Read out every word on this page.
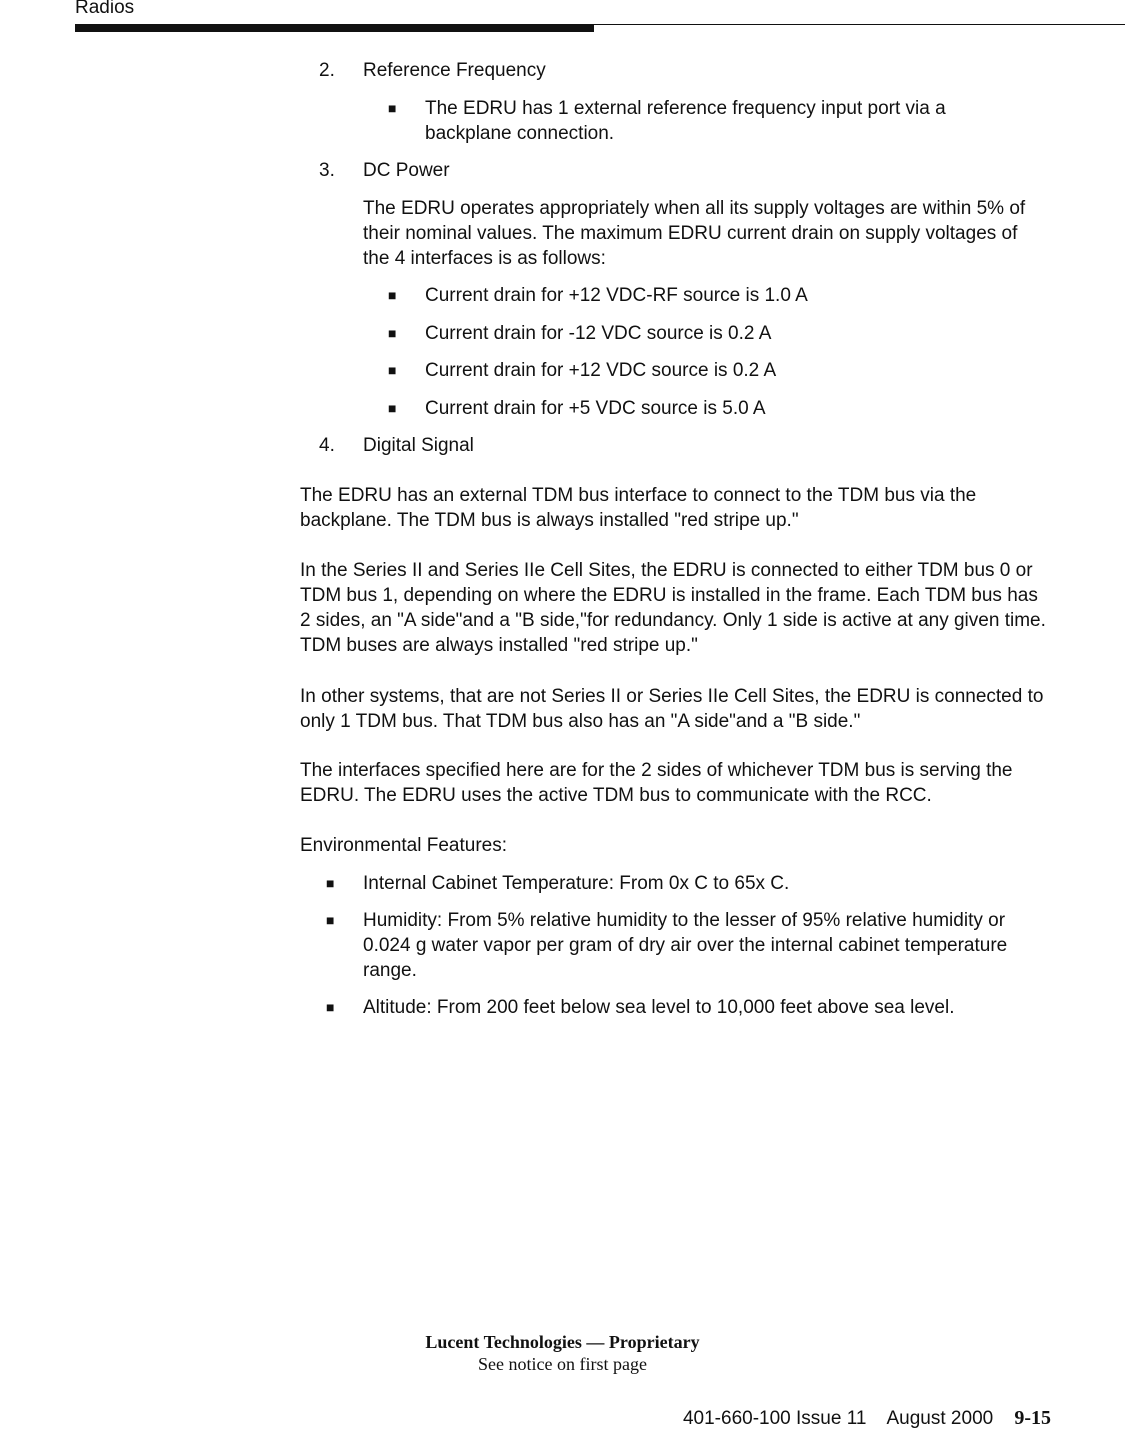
Radios
2.	Reference Frequency
■ The EDRU has 1 external reference frequency input port via a backplane connection.
3.	DC Power
The EDRU operates appropriately when all its supply voltages are within 5% of their nominal values. The maximum EDRU current drain on supply voltages of the 4 interfaces is as follows:
■ Current drain for +12 VDC-RF source is 1.0 A
■ Current drain for -12 VDC source is 0.2 A
■ Current drain for +12 VDC source is 0.2 A
■ Current drain for +5 VDC source is 5.0 A
4.	Digital Signal
The EDRU has an external TDM bus interface to connect to the TDM bus via the backplane. The TDM bus is always installed "red stripe up."
In the Series II and Series IIe Cell Sites, the EDRU is connected to either TDM bus 0 or TDM bus 1, depending on where the EDRU is installed in the frame. Each TDM bus has 2 sides, an "A side"and a "B side,"for redundancy. Only 1 side is active at any given time. TDM buses are always installed "red stripe up."
In other systems, that are not Series II or Series IIe Cell Sites, the EDRU is connected to only 1 TDM bus. That TDM bus also has an "A side"and a "B side."
The interfaces specified here are for the 2 sides of whichever TDM bus is serving the EDRU. The EDRU uses the active TDM bus to communicate with the RCC.
Environmental Features:
■ Internal Cabinet Temperature: From 0x C to 65x C.
■ Humidity: From 5% relative humidity to the lesser of 95% relative humidity or 0.024 g water vapor per gram of dry air over the internal cabinet temperature range.
■ Altitude: From 200 feet below sea level to 10,000 feet above sea level.
Lucent Technologies — Proprietary
See notice on first page
401-660-100 Issue 11    August 2000 9-15
